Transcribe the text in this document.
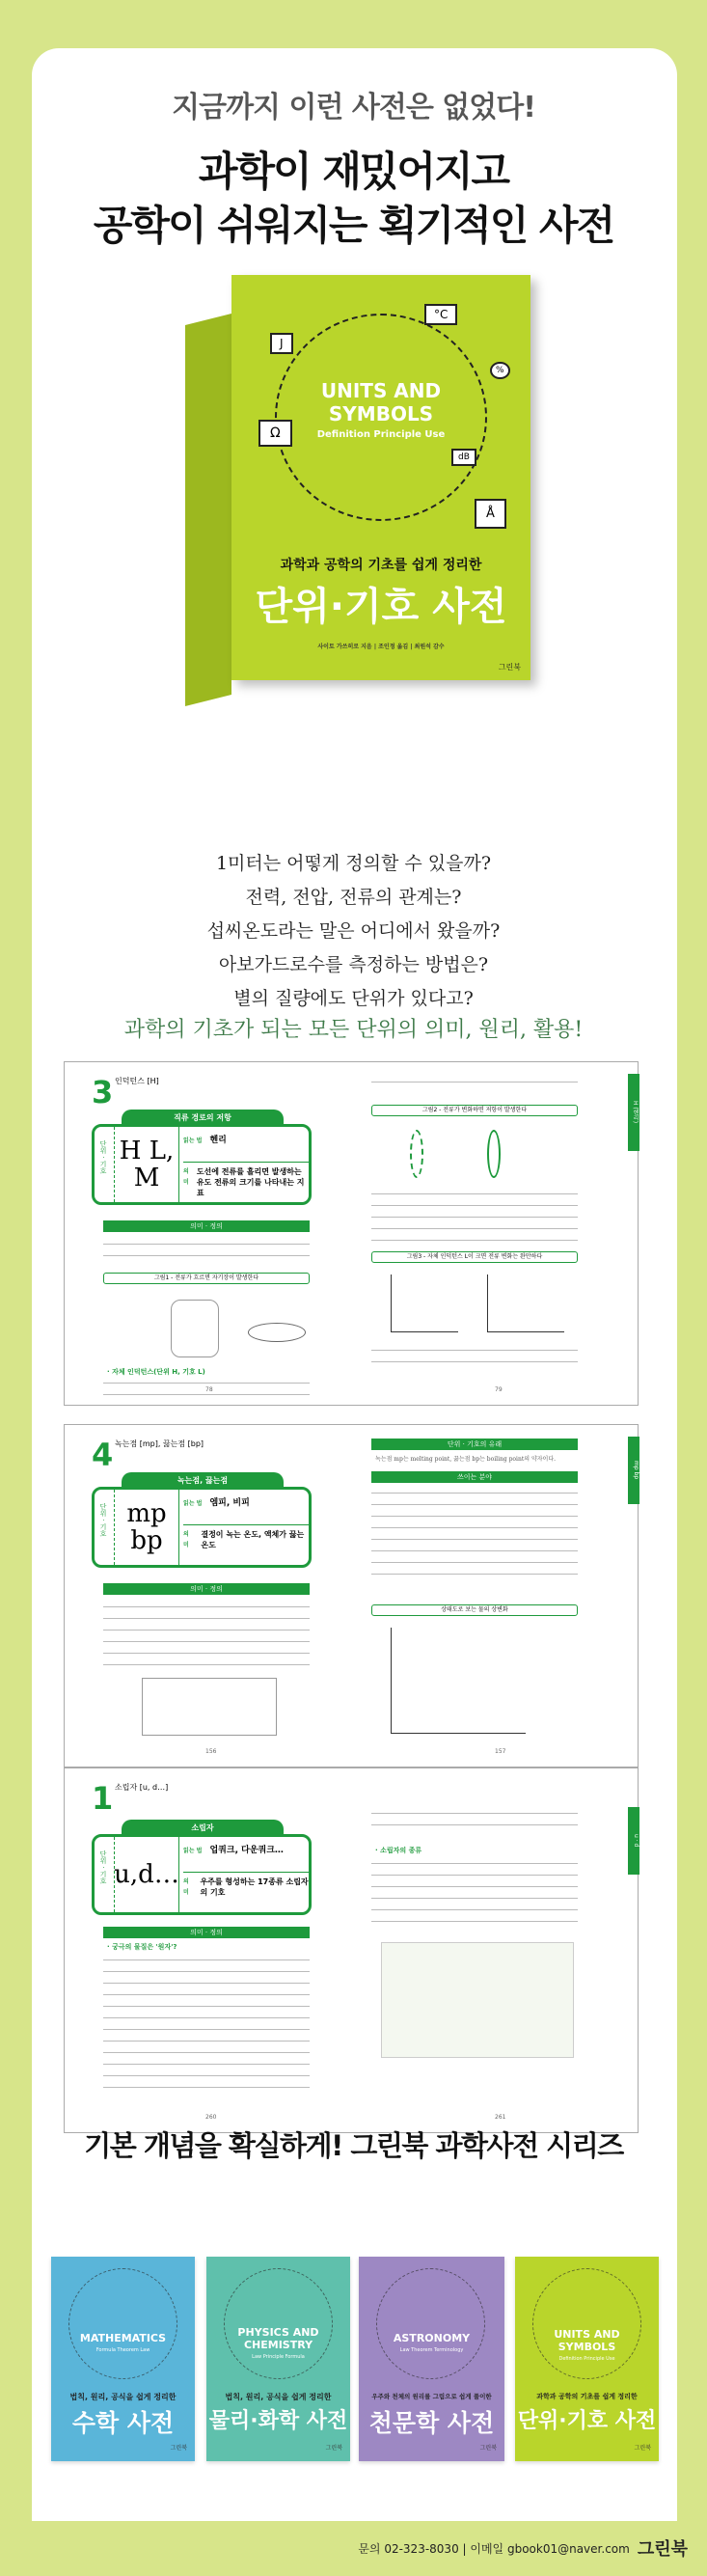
지금까지 이런 사전은 없었다!
과학이 재밌어지고
공학이 쉬워지는 획기적인 사전
J
°C
%
Ω
dB
Å
UNITS AND
SYMBOLS
Definition Principle Use
과학과 공학의 기초를 쉽게 정리한
단위·기호 사전
사이토 가쓰히로 지음 | 조인정 옮김 | 최원석 감수
그린북
1미터는 어떻게 정의할 수 있을까?
전력, 전압, 전류의 관계는?
섭씨온도라는 말은 어디에서 왔을까?
아보가드로수를 측정하는 방법은?
별의 질량에도 단위가 있다고?
과학의 기초가 되는 모든 단위의 의미, 원리, 활용!
3 인덕턴스 [H]
직류 경로의 저항
단위 · 기호 H L, M
읽는 법 헨리
의미
도선에 전류를 흘리면 발생하는 유도 전류의 크기를 나타내는 지표
의미 · 정의
그림1 - 전류가 흐르면 자기장이 발생한다
· 자체 인덕턴스(단위 H, 기호 L)
그림2 - 전류가 변화하면 저항이 발생한다
그림3 - 자체 인덕턴스 L이 크면 전류 변화는 완만하다
H (헨리)
78	79
4 녹는점 [mp], 끓는점 [bp]
녹는점, 끓는점
단위 · 기호 mp bp
읽는 법 엠피, 비피
의미
결정이 녹는 온도, 액체가 끓는 온도
의미 · 정의
단위 · 기호의 유래
녹는점 mp는 melting point, 끓는점 bp는 boiling point의 약자이다.
쓰이는 분야
상태도로 보는 물의 상변화
mp bp
156	157
1 소립자 [u, d…]
소립자
단위 · 기호 u,d…
읽는 법 업쿼크, 다운쿼크…
의미
우주를 형성하는 17종류 소립자의 기호
의미 · 정의
· 궁극의 물질은 '원자'?
· 소립자의 종류
u · d
260	261
기본 개념을 확실하게! 그린북 과학사전 시리즈
MATHEMATICS
Formula Theorem Law
법칙, 원리, 공식을 쉽게 정리한
수학 사전
그린북
PHYSICS AND CHEMISTRY
Law Principle Formula
법칙, 원리, 공식을 쉽게 정리한
물리·화학 사전
그린북
ASTRONOMY
Law Theorem Terminology
우주와 천체의 원리를 그림으로 쉽게 풀이한
천문학 사전
그린북
UNITS AND SYMBOLS
Definition Principle Use
과학과 공학의 기초를 쉽게 정리한
단위·기호 사전
그린북
문의 02-323-8030 | 이메일 gbook01@naver.com 그린북
